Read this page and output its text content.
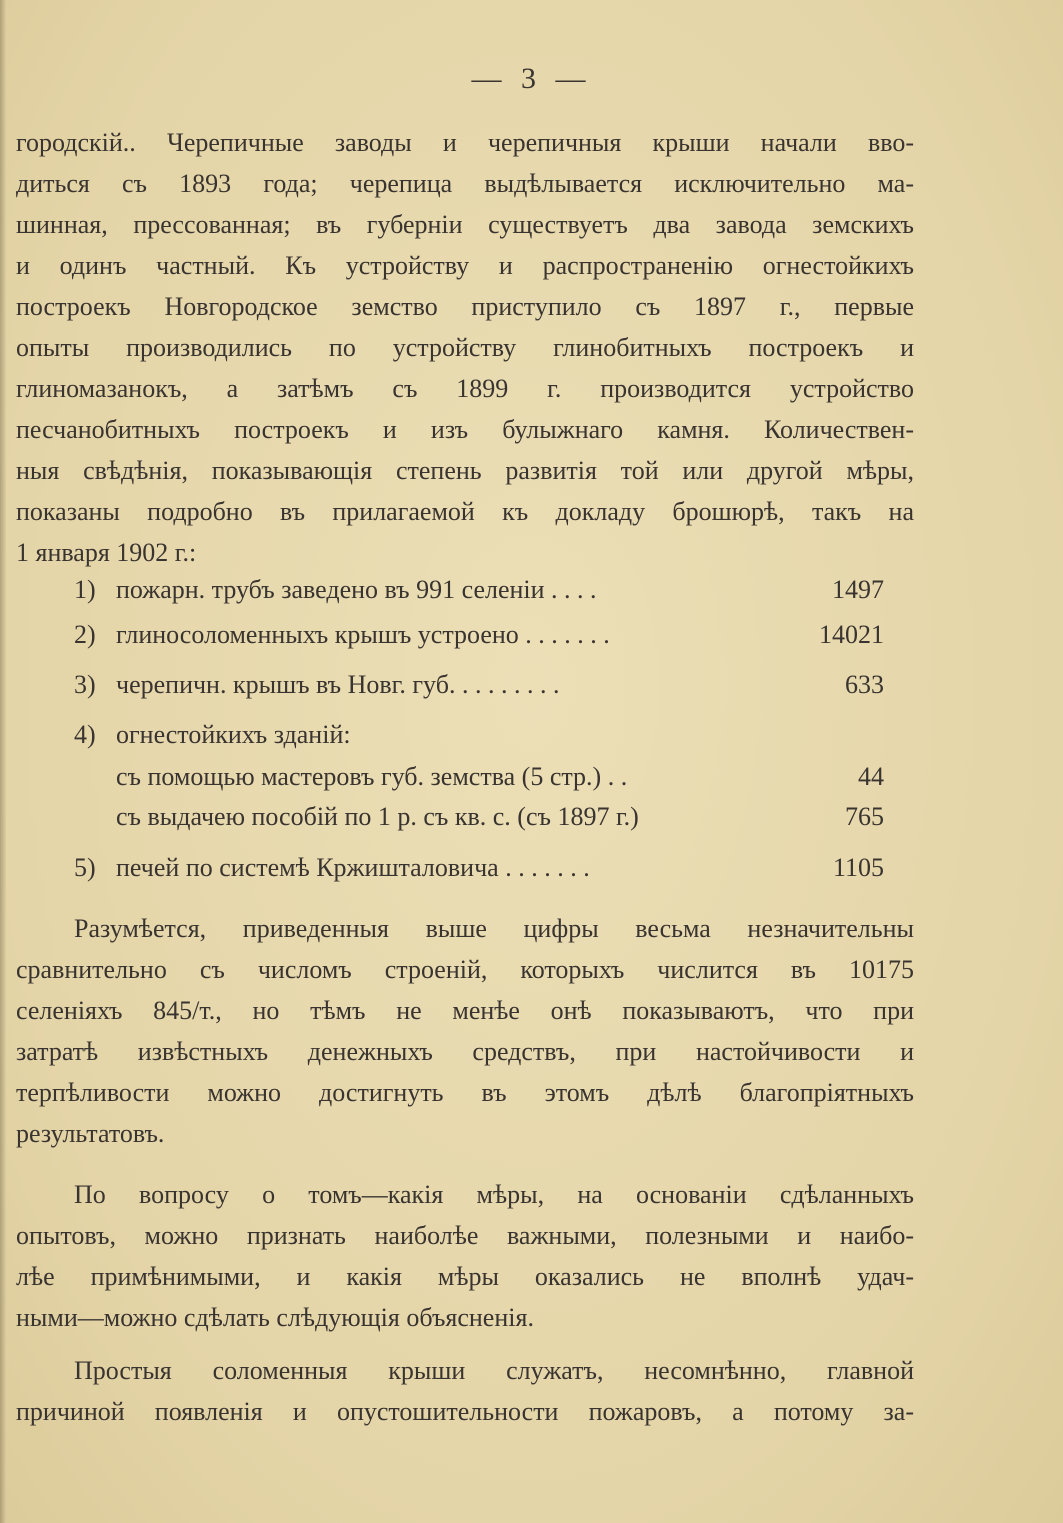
— 3 —
городскій.. Черепичные заводы и черепичныя крыши начали вво-
диться съ 1893 года; черепица выдѣлывается исключительно ма-
шинная, прессованная; въ губерніи существуетъ два завода земскихъ
и одинъ частный. Къ устройству и распространенію огнестойкихъ
построекъ Новгородское земство приступило съ 1897 г., первые
опыты производились по устройству глинобитныхъ построекъ и
глиномазанокъ, а затѣмъ съ 1899 г. производится устройство
песчанобитныхъ построекъ и изъ булыжнаго камня. Количествен-
ныя свѣдѣнія, показывающія степень развитія той или другой мѣры,
показаны подробно въ прилагаемой къ докладу брошюрѣ, такъ на
1 января 1902 г.:
1) пожарн. трубъ заведено въ 991 селеніи . . . .	1497
2) глиносоломенныхъ крышъ устроено . . . . . . .	14021
3) черепичн. крышъ въ Новг. губ. . . . . . . . .	633
4) огнестойкихъ зданій:
съ помощью мастеровъ губ. земства (5 стр.) . .	44
съ выдачею пособій по 1 р. съ кв. с. (съ 1897 г.)	765
5) печей по системѣ Кржишталовича . . . . . . .	1105
Разумѣется, приведенныя выше цифры весьма незначительны
сравнительно съ числомъ строеній, которыхъ числится въ 10175
селеніяхъ 845/т., но тѣмъ не менѣе онѣ показываютъ, что при
затратѣ извѣстныхъ денежныхъ средствъ, при настойчивости и
терпѣливости можно достигнуть въ этомъ дѣлѣ благопріятныхъ
результатовъ.
По вопросу о томъ—какія мѣры, на основаніи сдѣланныхъ
опытовъ, можно признать наиболѣе важными, полезными и наибо-
лѣе примѣнимыми, и какія мѣры оказались не вполнѣ удач-
ными—можно сдѣлать слѣдующія объясненія.
Простыя соломенныя крыши служатъ, несомнѣнно, главной
причиной появленія и опустошительности пожаровъ, а потому за-
